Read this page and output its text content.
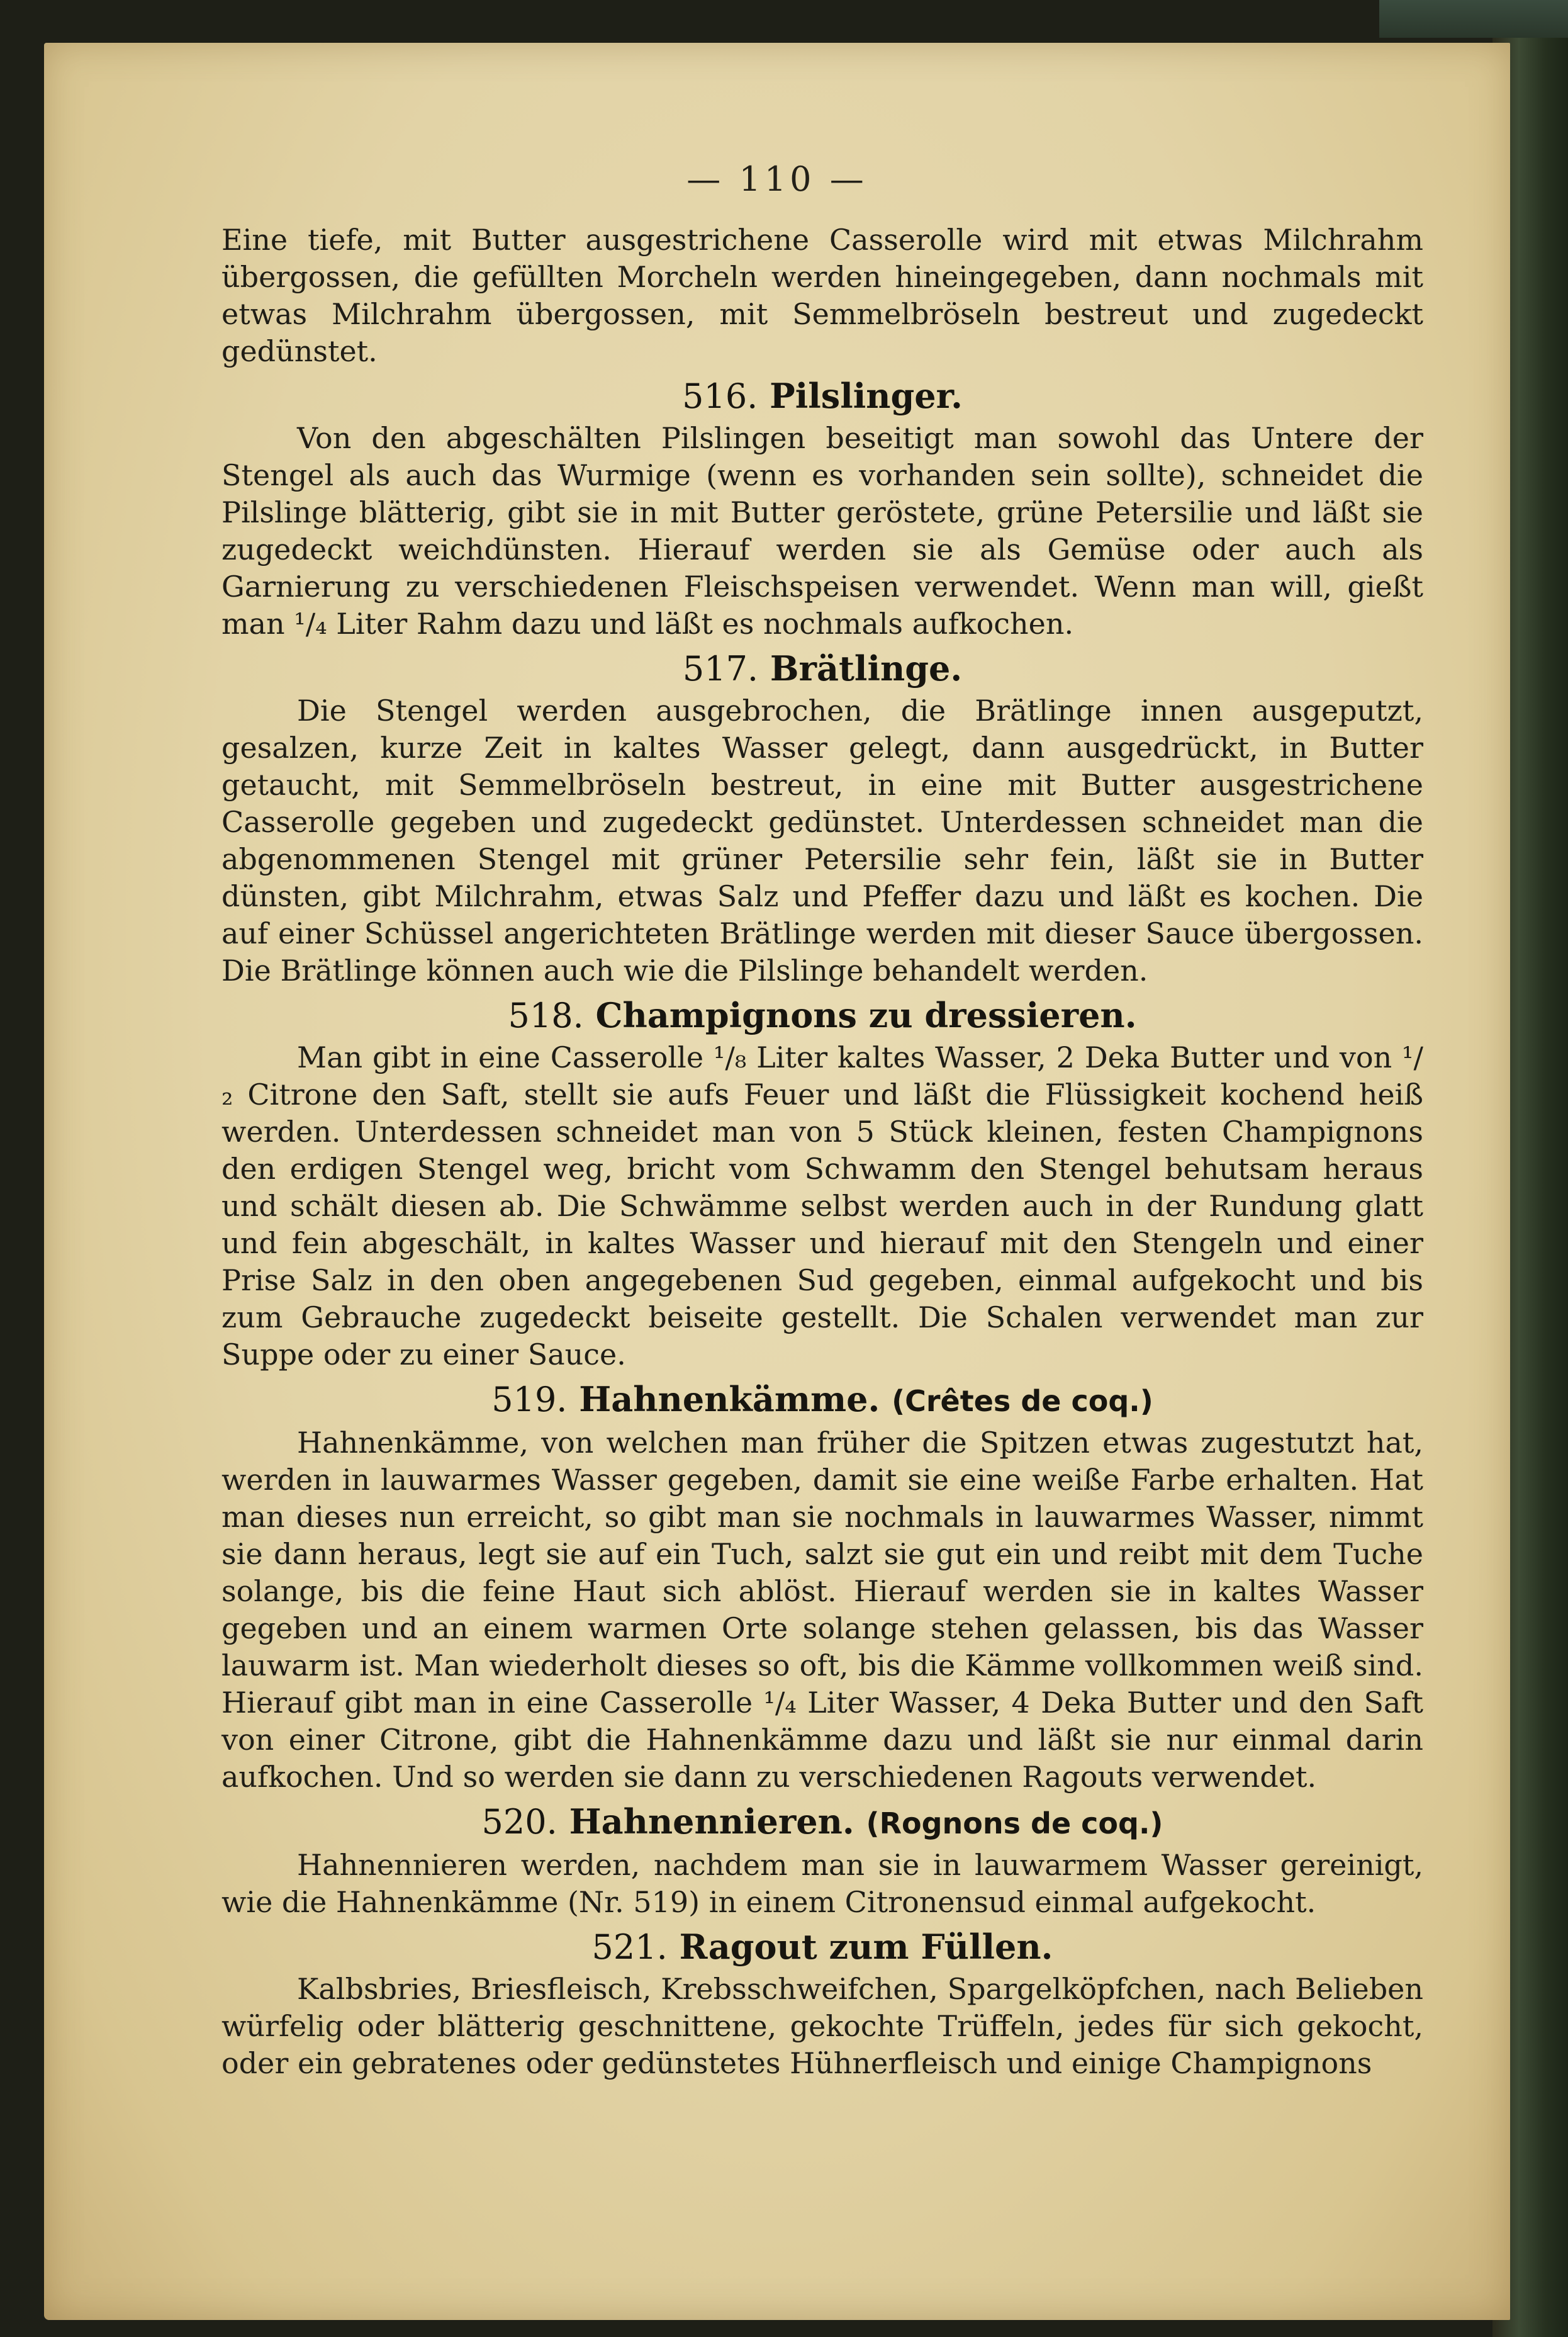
— 110 —

Eine tiefe, mit Butter ausgestrichene Casserolle wird mit etwas Milchrahm übergossen, die gefüllten Morcheln werden hineingegeben, dann nochmals mit etwas Milchrahm übergossen, mit Semmelbröseln bestreut und zugedeckt gedünstet.

516. Pilslinger.

Von den abgeschälten Pilslingen beseitigt man sowohl das Untere der Stengel als auch das Wurmige (wenn es vorhanden sein sollte), schneidet die Pilslinge blätterig, gibt sie in mit Butter geröstete, grüne Petersilie und läßt sie zugedeckt weichdünsten. Hierauf werden sie als Gemüse oder auch als Garnierung zu verschiedenen Fleischspeisen verwendet. Wenn man will, gießt man ¹/₄ Liter Rahm dazu und läßt es nochmals aufkochen.

517. Brätlinge.

Die Stengel werden ausgebrochen, die Brätlinge innen ausgeputzt, gesalzen, kurze Zeit in kaltes Wasser gelegt, dann ausgedrückt, in Butter getaucht, mit Semmelbröseln bestreut, in eine mit Butter ausgestrichene Casserolle gegeben und zugedeckt gedünstet. Unterdessen schneidet man die abgenommenen Stengel mit grüner Petersilie sehr fein, läßt sie in Butter dünsten, gibt Milchrahm, etwas Salz und Pfeffer dazu und läßt es kochen. Die auf einer Schüssel angerichteten Brätlinge werden mit dieser Sauce übergossen. Die Brätlinge können auch wie die Pilslinge behandelt werden.

518. Champignons zu dressieren.

Man gibt in eine Casserolle ¹/₈ Liter kaltes Wasser, 2 Deka Butter und von ¹/₂ Citrone den Saft, stellt sie aufs Feuer und läßt die Flüssigkeit kochend heiß werden. Unterdessen schneidet man von 5 Stück kleinen, festen Champignons den erdigen Stengel weg, bricht vom Schwamm den Stengel behutsam heraus und schält diesen ab. Die Schwämme selbst werden auch in der Rundung glatt und fein abgeschält, in kaltes Wasser und hierauf mit den Stengeln und einer Prise Salz in den oben angegebenen Sud gegeben, einmal aufgekocht und bis zum Gebrauche zugedeckt beiseite gestellt. Die Schalen verwendet man zur Suppe oder zu einer Sauce.

519. Hahnenkämme. (Crêtes de coq.)

Hahnenkämme, von welchen man früher die Spitzen etwas zugestutzt hat, werden in lauwarmes Wasser gegeben, damit sie eine weiße Farbe erhalten. Hat man dieses nun erreicht, so gibt man sie nochmals in lauwarmes Wasser, nimmt sie dann heraus, legt sie auf ein Tuch, salzt sie gut ein und reibt mit dem Tuche solange, bis die feine Haut sich ablöst. Hierauf werden sie in kaltes Wasser gegeben und an einem warmen Orte solange stehen gelassen, bis das Wasser lauwarm ist. Man wiederholt dieses so oft, bis die Kämme vollkommen weiß sind. Hierauf gibt man in eine Casserolle ¹/₄ Liter Wasser, 4 Deka Butter und den Saft von einer Citrone, gibt die Hahnenkämme dazu und läßt sie nur einmal darin aufkochen. Und so werden sie dann zu verschiedenen Ragouts verwendet.

520. Hahnennieren. (Rognons de coq.)

Hahnennieren werden, nachdem man sie in lauwarmem Wasser gereinigt, wie die Hahnenkämme (Nr. 519) in einem Citronensud einmal aufgekocht.

521. Ragout zum Füllen.

Kalbsbries, Briesfleisch, Krebsschweifchen, Spargelköpfchen, nach Belieben würfelig oder blätterig geschnittene, gekochte Trüffeln, jedes für sich gekocht, oder ein gebratenes oder gedünstetes Hühnerfleisch und einige Champignons
